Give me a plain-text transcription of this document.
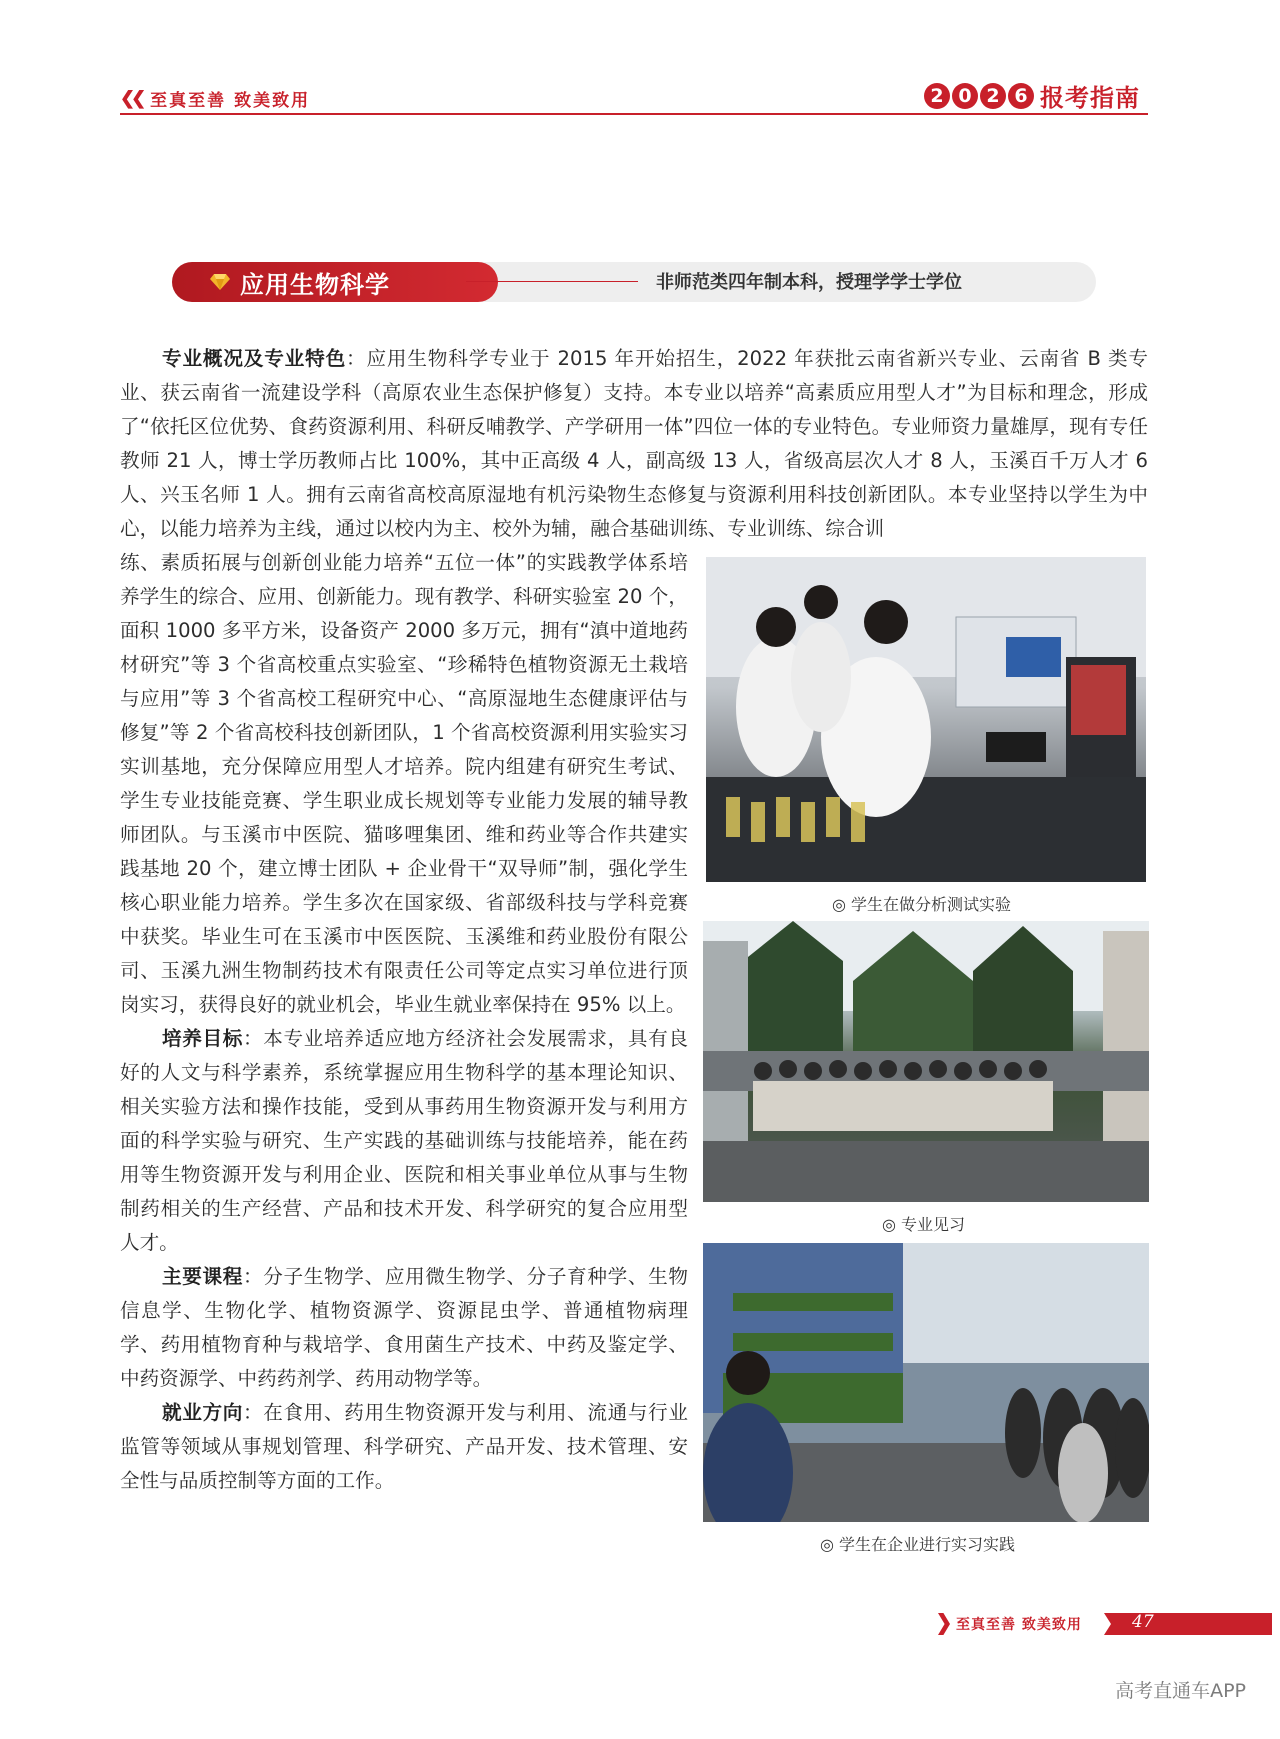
❮❮ 至真至善 致美致用	2 0 2 6 报考指南
应用生物科学	非师范类四年制本科，授理学学士学位

专业概况及专业特色：应用生物科学专业于 2015 年开始招生，2022 年获批云南省新兴专业、云南省 B 类专业、获云南省一流建设学科（高原农业生态保护修复）支持。本专业以培养“高素质应用型人才”为目标和理念，形成了“依托区位优势、食药资源利用、科研反哺教学、产学研用一体”四位一体的专业特色。专业师资力量雄厚，现有专任教师 21 人，博士学历教师占比 100%，其中正高级 4 人，副高级 13 人，省级高层次人才 8 人，玉溪百千万人才 6 人、兴玉名师 1 人。拥有云南省高校高原湿地有机污染物生态修复与资源利用科技创新团队。本专业坚持以学生为中心，以能力培养为主线，通过以校内为主、校外为辅，融合基础训练、专业训练、综合训

练、素质拓展与创新创业能力培养“五位一体”的实践教学体系培养学生的综合、应用、创新能力。现有教学、科研实验室 20 个，面积 1000 多平方米，设备资产 2000 多万元，拥有“滇中道地药材研究”等 3 个省高校重点实验室、“珍稀特色植物资源无土栽培与应用”等 3 个省高校工程研究中心、“高原湿地生态健康评估与修复”等 2 个省高校科技创新团队，1 个省高校资源利用实验实习实训基地，充分保障应用型人才培养。院内组建有研究生考试、学生专业技能竞赛、学生职业成长规划等专业能力发展的辅导教师团队。与玉溪市中医院、猫哆哩集团、维和药业等合作共建实践基地 20 个，建立博士团队 + 企业骨干“双导师”制，强化学生核心职业能力培养。学生多次在国家级、省部级科技与学科竞赛中获奖。毕业生可在玉溪市中医医院、玉溪维和药业股份有限公司、玉溪九洲生物制药技术有限责任公司等定点实习单位进行顶岗实习，获得良好的就业机会，毕业生就业率保持在 95% 以上。

培养目标：本专业培养适应地方经济社会发展需求，具有良好的人文与科学素养，系统掌握应用生物科学的基本理论知识、相关实验方法和操作技能，受到从事药用生物资源开发与利用方面的科学实验与研究、生产实践的基础训练与技能培养，能在药用等生物资源开发与利用企业、医院和相关事业单位从事与生物制药相关的生产经营、产品和技术开发、科学研究的复合应用型人才。

主要课程：分子生物学、应用微生物学、分子育种学、生物信息学、生物化学、植物资源学、资源昆虫学、普通植物病理学、药用植物育种与栽培学、食用菌生产技术、中药及鉴定学、中药资源学、中药药剂学、药用动物学等。

就业方向：在食用、药用生物资源开发与利用、流通与行业监管等领域从事规划管理、科学研究、产品开发、技术管理、安全性与品质控制等方面的工作。

◎ 学生在做分析测试实验
◎ 专业见习
◎ 学生在企业进行实习实践
至真至善 致美致用	47
高考直通车APP
